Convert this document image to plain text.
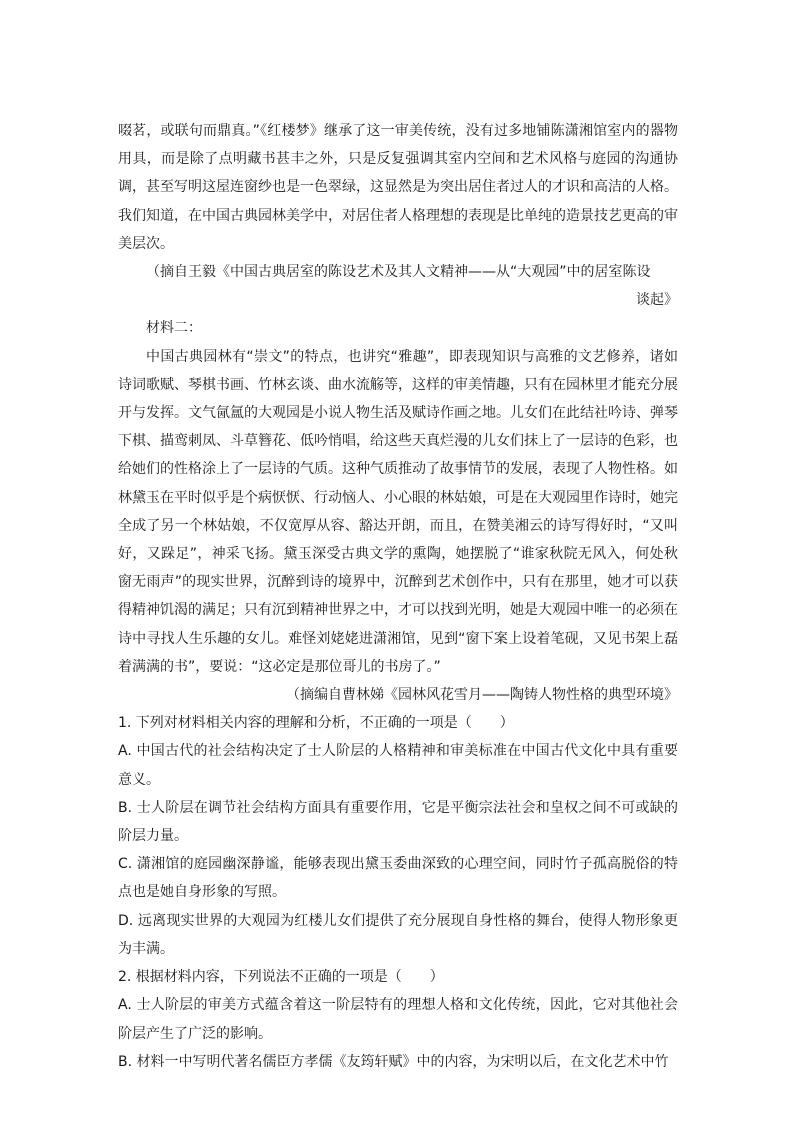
啜茗，或联句而鼎真。”《红楼梦》继承了这一审美传统，没有过多地铺陈潇湘馆室内的器物用具，而是除了点明藏书甚丰之外，只是反复强调其室内空间和艺术风格与庭园的沟通协调，甚至写明这屋连窗纱也是一色翠绿，这显然是为突出居住者过人的才识和高洁的人格。我们知道，在中国古典园林美学中，对居住者人格理想的表现是比单纯的造景技艺更高的审美层次。

（摘自王毅《中国古典居室的陈设艺术及其人文精神——从“大观园”中的居室陈设

谈起》

材料二：

中国古典园林有“崇文”的特点，也讲究“雅趣”，即表现知识与高雅的文艺修养，诸如诗词歌赋、琴棋书画、竹林玄谈、曲水流觞等，这样的审美情趣，只有在园林里才能充分展开与发挥。文气氤氲的大观园是小说人物生活及赋诗作画之地。儿女们在此结社吟诗、弹琴下棋、描鸾刺凤、斗草簪花、低吟悄唱，给这些天真烂漫的儿女们抹上了一层诗的色彩，也给她们的性格涂上了一层诗的气质。这种气质推动了故事情节的发展，表现了人物性格。如林黛玉在平时似乎是个病恹恹、行动恼人、小心眼的林姑娘，可是在大观园里作诗时，她完全成了另一个林姑娘，不仅宽厚从容、豁达开朗，而且，在赞美湘云的诗写得好时，“又叫好，又跺足”，神采飞扬。黛玉深受古典文学的熏陶，她摆脱了“谁家秋院无风入，何处秋窗无雨声”的现实世界，沉醉到诗的境界中，沉醉到艺术创作中，只有在那里，她才可以获得精神饥渴的满足；只有沉到精神世界之中，才可以找到光明，她是大观园中唯一的必须在诗中寻找人生乐趣的女儿。难怪刘姥姥进潇湘馆，见到“窗下案上设着笔砚，又见书架上磊着满满的书”，要说：“这必定是那位哥儿的书房了。”

（摘编自曹林娣《园林风花雪月——陶铸人物性格的典型环境》

1. 下列对材料相关内容的理解和分析，不正确的一项是（　　）

A. 中国古代的社会结构决定了士人阶层的人格精神和审美标准在中国古代文化中具有重要意义。

B. 士人阶层在调节社会结构方面具有重要作用，它是平衡宗法社会和皇权之间不可或缺的阶层力量。

C. 潇湘馆的庭园幽深静谧，能够表现出黛玉委曲深致的心理空间，同时竹子孤高脱俗的特点也是她自身形象的写照。

D. 远离现实世界的大观园为红楼儿女们提供了充分展现自身性格的舞台，使得人物形象更为丰满。

2. 根据材料内容，下列说法不正确的一项是（　　）

A. 士人阶层的审美方式蕴含着这一阶层特有的理想人格和文化传统，因此，它对其他社会阶层产生了广泛的影响。

B. 材料一中写明代著名儒臣方孝儒《友筠轩赋》中的内容，为宋明以后，在文化艺术中竹
